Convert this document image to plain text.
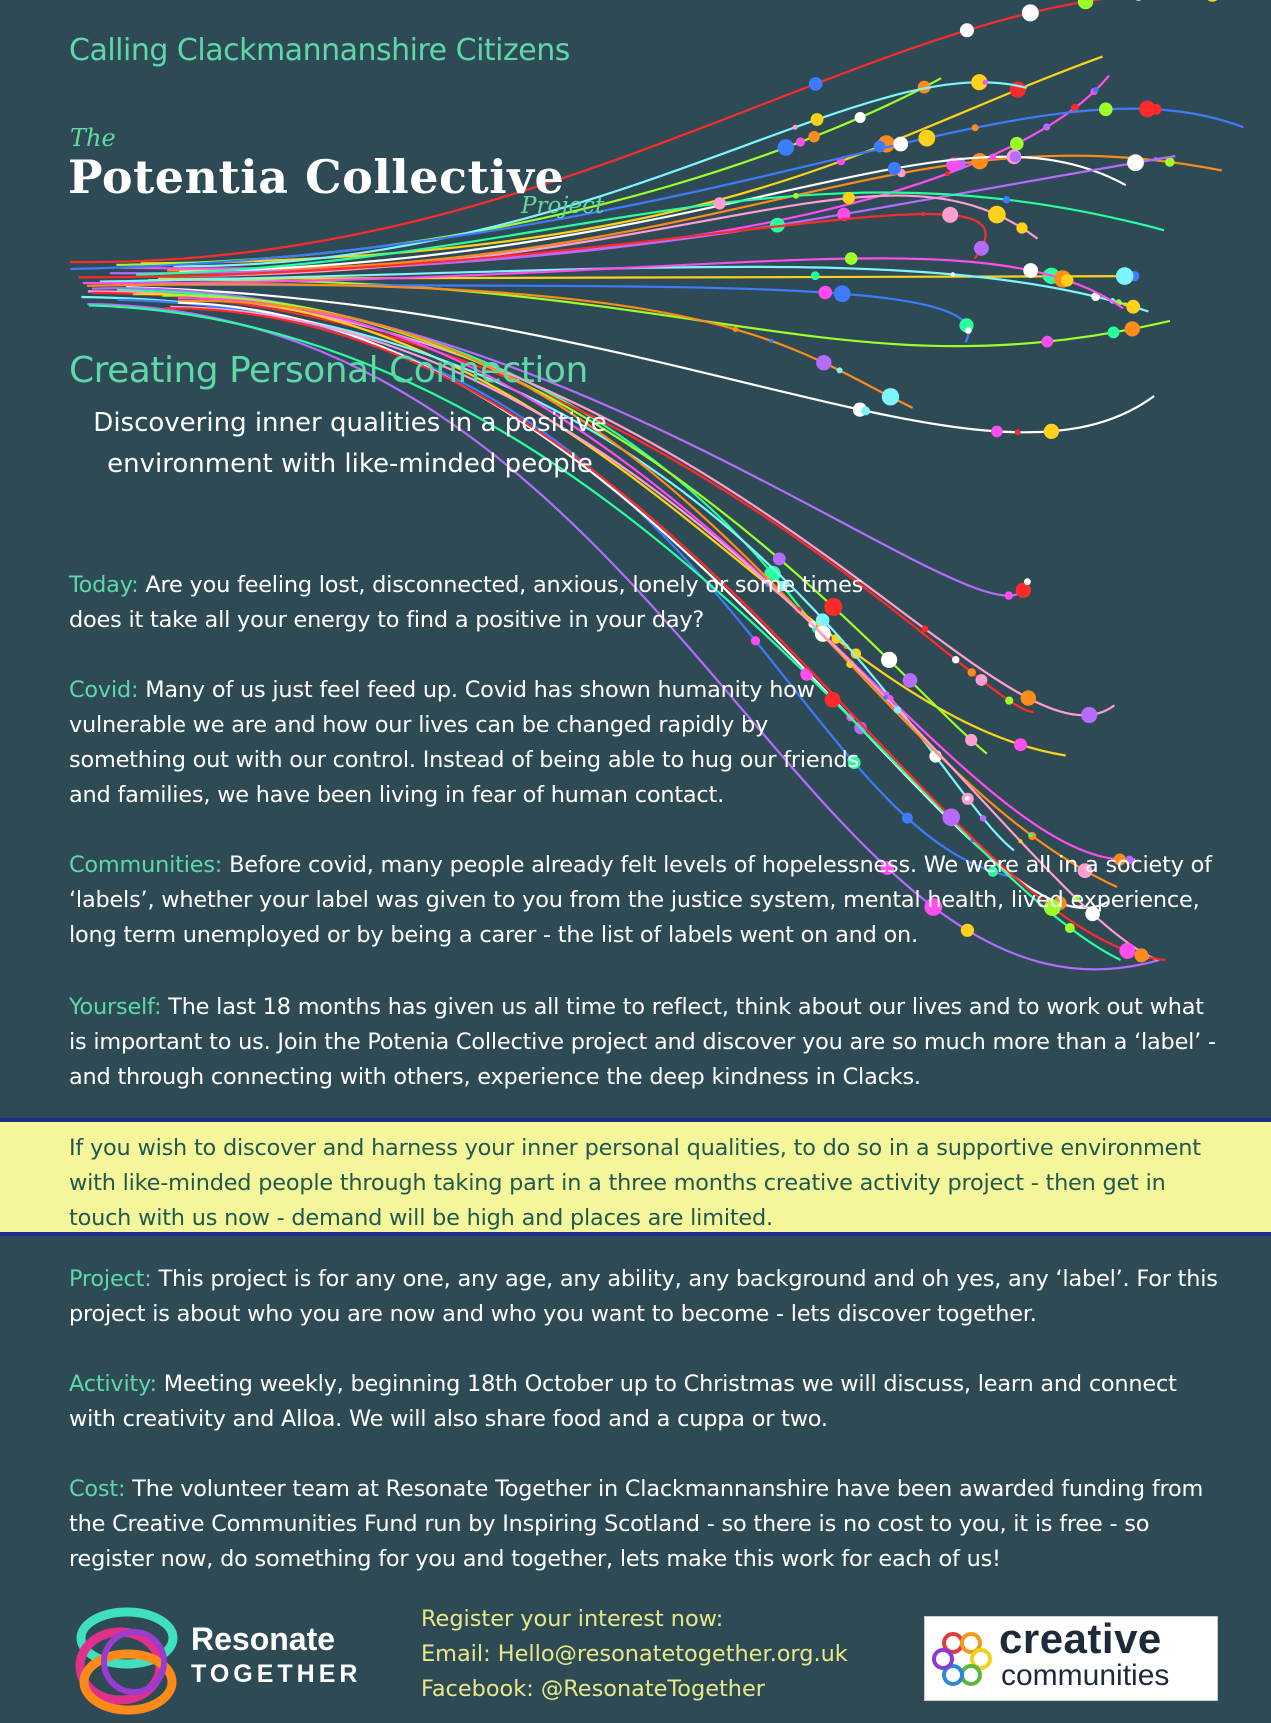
Calling Clackmannanshire Citizens
The
Potentia Collective
Project
Creating Personal Connection
Discovering inner qualities in a positive environment with like-minded people
Today: Are you feeling lost, disconnected, anxious, lonely or some times does it take all your energy to find a positive in your day?
Covid: Many of us just feel feed up. Covid has shown humanity how vulnerable we are and how our lives can be changed rapidly by something out with our control. Instead of being able to hug our friends and families, we have been living in fear of human contact.
Communities: Before covid, many people already felt levels of hopelessness. We were all in a society of ‘labels’, whether your label was given to you from the justice system, mental health, lived experience, long term unemployed or by being a carer - the list of labels went on and on.
Yourself: The last 18 months has given us all time to reflect, think about our lives and to work out what is important to us. Join the Potenia Collective project and discover you are so much more than a ‘label’ - and through connecting with others, experience the deep kindness in Clacks.
If you wish to discover and harness your inner personal qualities, to do so in a supportive environment with like-minded people through taking part in a three months creative activity project - then get in touch with us now - demand will be high and places are limited.
Project: This project is for any one, any age, any ability, any background and oh yes, any ‘label’. For this project is about who you are now and who you want to become - lets discover together.
Activity: Meeting weekly, beginning 18th October up to Christmas we will discuss, learn and connect with creativity and Alloa. We will also share food and a cuppa or two.
Cost: The volunteer team at Resonate Together in Clackmannanshire have been awarded funding from the Creative Communities Fund run by Inspiring Scotland - so there is no cost to you, it is free - so register now, do something for you and together, lets make this work for each of us!
Resonate
TOGETHER
Register your interest now:
Email: Hello@resonatetogether.org.uk
Facebook: @ResonateTogether
creative
communities
